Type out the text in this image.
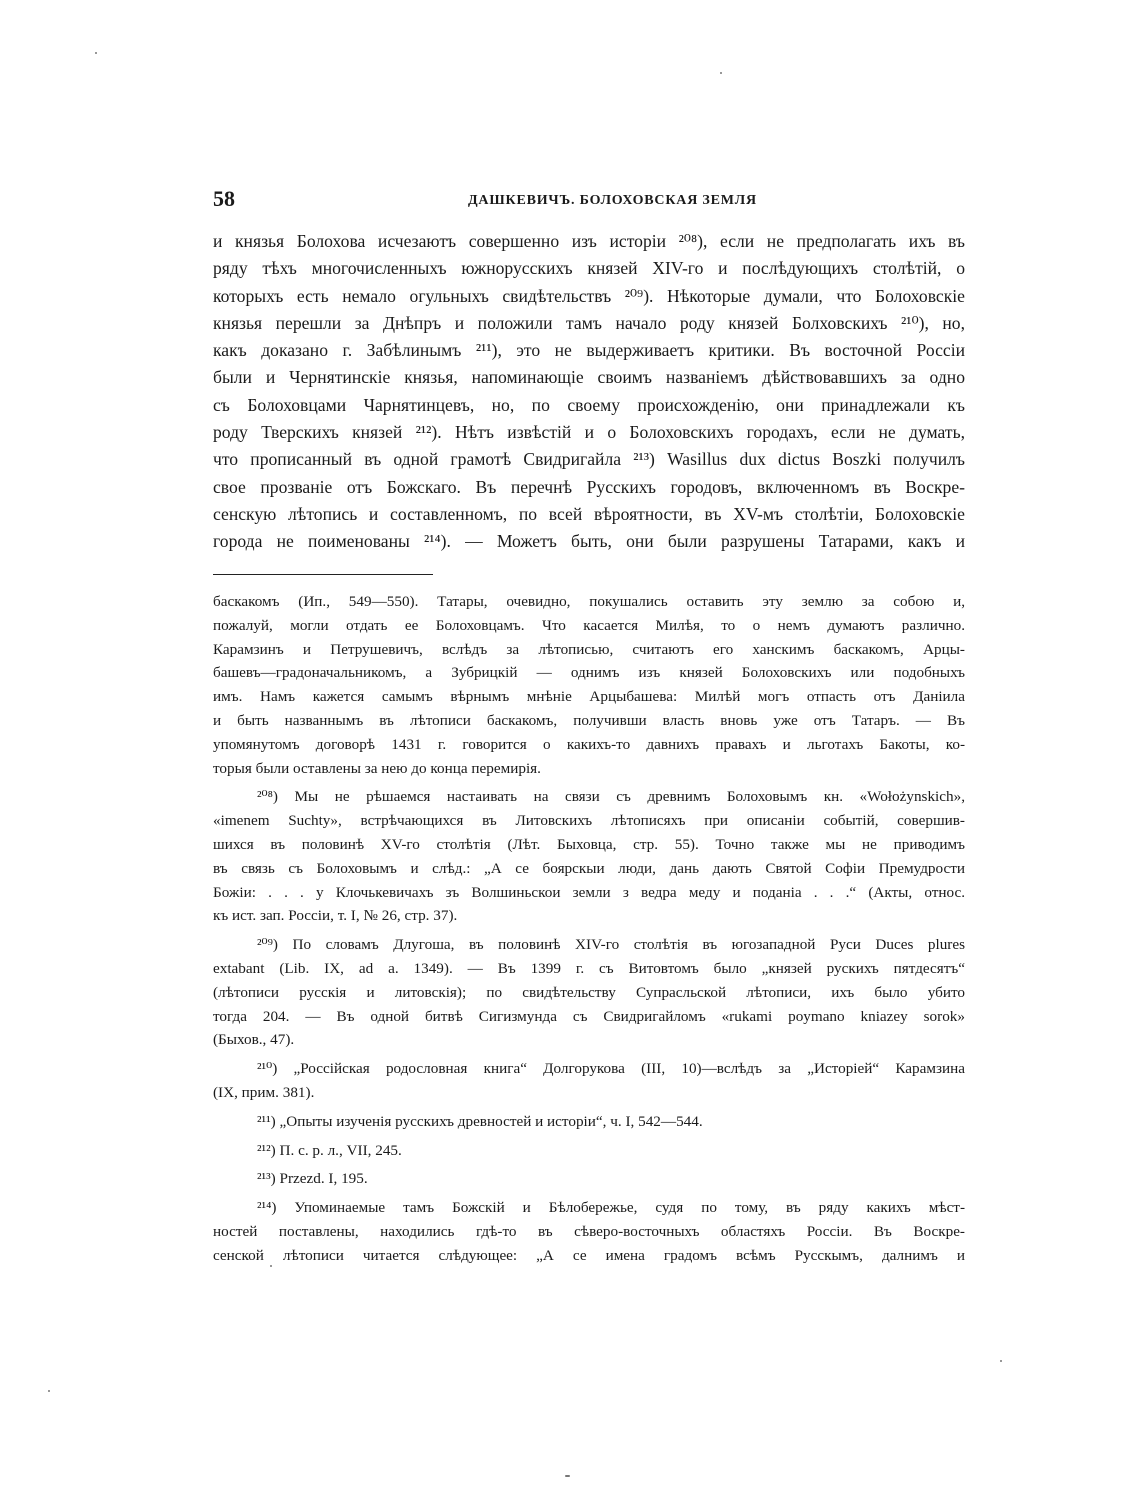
58	ДАШКЕВИЧЪ. БОЛОХОВСКАЯ ЗЕМЛЯ
и князья Болохова исчезаютъ совершенно изъ исторіи ²⁰⁸), если не предполагать ихъ въ
ряду тѣхъ многочисленныхъ южнорусскихъ князей XIV-го и послѣдующихъ столѣтій, о
которыхъ есть немало огульныхъ свидѣтельствъ ²⁰⁹). Нѣкоторые думали, что Болоховскіе
князья перешли за Днѣпръ и положили тамъ начало роду князей Болховскихъ ²¹⁰), но,
какъ доказано г. Забѣлинымъ ²¹¹), это не выдерживаетъ критики. Въ восточной Россіи
были и Чернятинскіе князья, напоминающіе своимъ названіемъ дѣйствовавшихъ за одно
съ Болоховцами Чарнятинцевъ, но, по своему происхожденію, они принадлежали къ
роду Тверскихъ князей ²¹²). Нѣтъ извѣстій и о Болоховскихъ городахъ, если не думать,
что прописанный въ одной грамотѣ Свидригайла ²¹³) Wasillus dux dictus Boszki получилъ
свое прозваніе отъ Божскаго. Въ перечнѣ Русскихъ городовъ, включенномъ въ Воскре-
сенскую лѣтопись и составленномъ, по всей вѣроятности, въ XV-мъ столѣтіи, Болоховскіе
города не поименованы ²¹⁴). — Можетъ быть, они были разрушены Татарами, какъ и
баскакомъ (Ип., 549—550). Татары, очевидно, покушались оставить эту землю за собою и,
пожалуй, могли отдать ее Болоховцамъ. Что касается Милѣя, то о немъ думаютъ различно.
Карамзинъ и Петрушевичъ, вслѣдъ за лѣтописью, считаютъ его ханскимъ баскакомъ, Арцы-
башевъ—градоначальникомъ, а Зубрицкій — однимъ изъ князей Болоховскихъ или подобныхъ
имъ. Намъ кажется самымъ вѣрнымъ мнѣніе Арцыбашева: Милѣй могъ отпасть отъ Даніила
и быть названнымъ въ лѣтописи баскакомъ, получивши власть вновь уже отъ Татаръ. — Въ
упомянутомъ договорѣ 1431 г. говорится о какихъ-то давнихъ правахъ и льготахъ Бакоты, ко-
торыя были оставлены за нею до конца перемирія.
²⁰⁸) Мы не рѣшаемся настаивать на связи съ древнимъ Болоховымъ кн. «Wołożynskich»,
«imenem Suchty», встрѣчающихся въ Литовскихъ лѣтописяхъ при описаніи событій, совершив-
шихся въ половинѣ XV-го столѣтія (Лѣт. Быховца, стр. 55). Точно также мы не приводимъ
въ связь съ Болоховымъ и слѣд.: „А се боярскыи люди, дань дають Святой Софіи Премудрости
Божіи: . . . у Клочькевичахъ зъ Волшиньскои земли з ведра меду и поданіа . . .“ (Акты, относ.
къ ист. зап. Россіи, т. I, № 26, стр. 37).
²⁰⁹) По словамъ Длугоша, въ половинѣ XIV-го столѣтія въ югозападной Руси Duces plures
extabant (Lib. IX, ad a. 1349). — Въ 1399 г. съ Витовтомъ было „князей рускихъ пятдесятъ“
(лѣтописи русскія и литовскія); по свидѣтельству Супрасльской лѣтописи, ихъ было убито
тогда 204. — Въ одной битвѣ Сигизмунда съ Свидригайломъ «rukami poymano kniazey sorok»
(Быхов., 47).
²¹⁰) „Россійская родословная книга“ Долгорукова (III, 10)—вслѣдъ за „Исторіей“ Карамзина
(IX, прим. 381).
²¹¹) „Опыты изученія русскихъ древностей и исторіи“, ч. I, 542—544.
²¹²) П. с. р. л., VII, 245.
²¹³) Przezd. I, 195.
²¹⁴) Упоминаемые тамъ Божскій и Бѣлобережье, судя по тому, въ ряду какихъ мѣст-
ностей поставлены, находились гдѣ-то въ сѣверо-восточныхъ областяхъ Россіи. Въ Воскре-
сенской лѣтописи читается слѣдующее: „А се имена градомъ всѣмъ Русскымъ, далнимъ и
